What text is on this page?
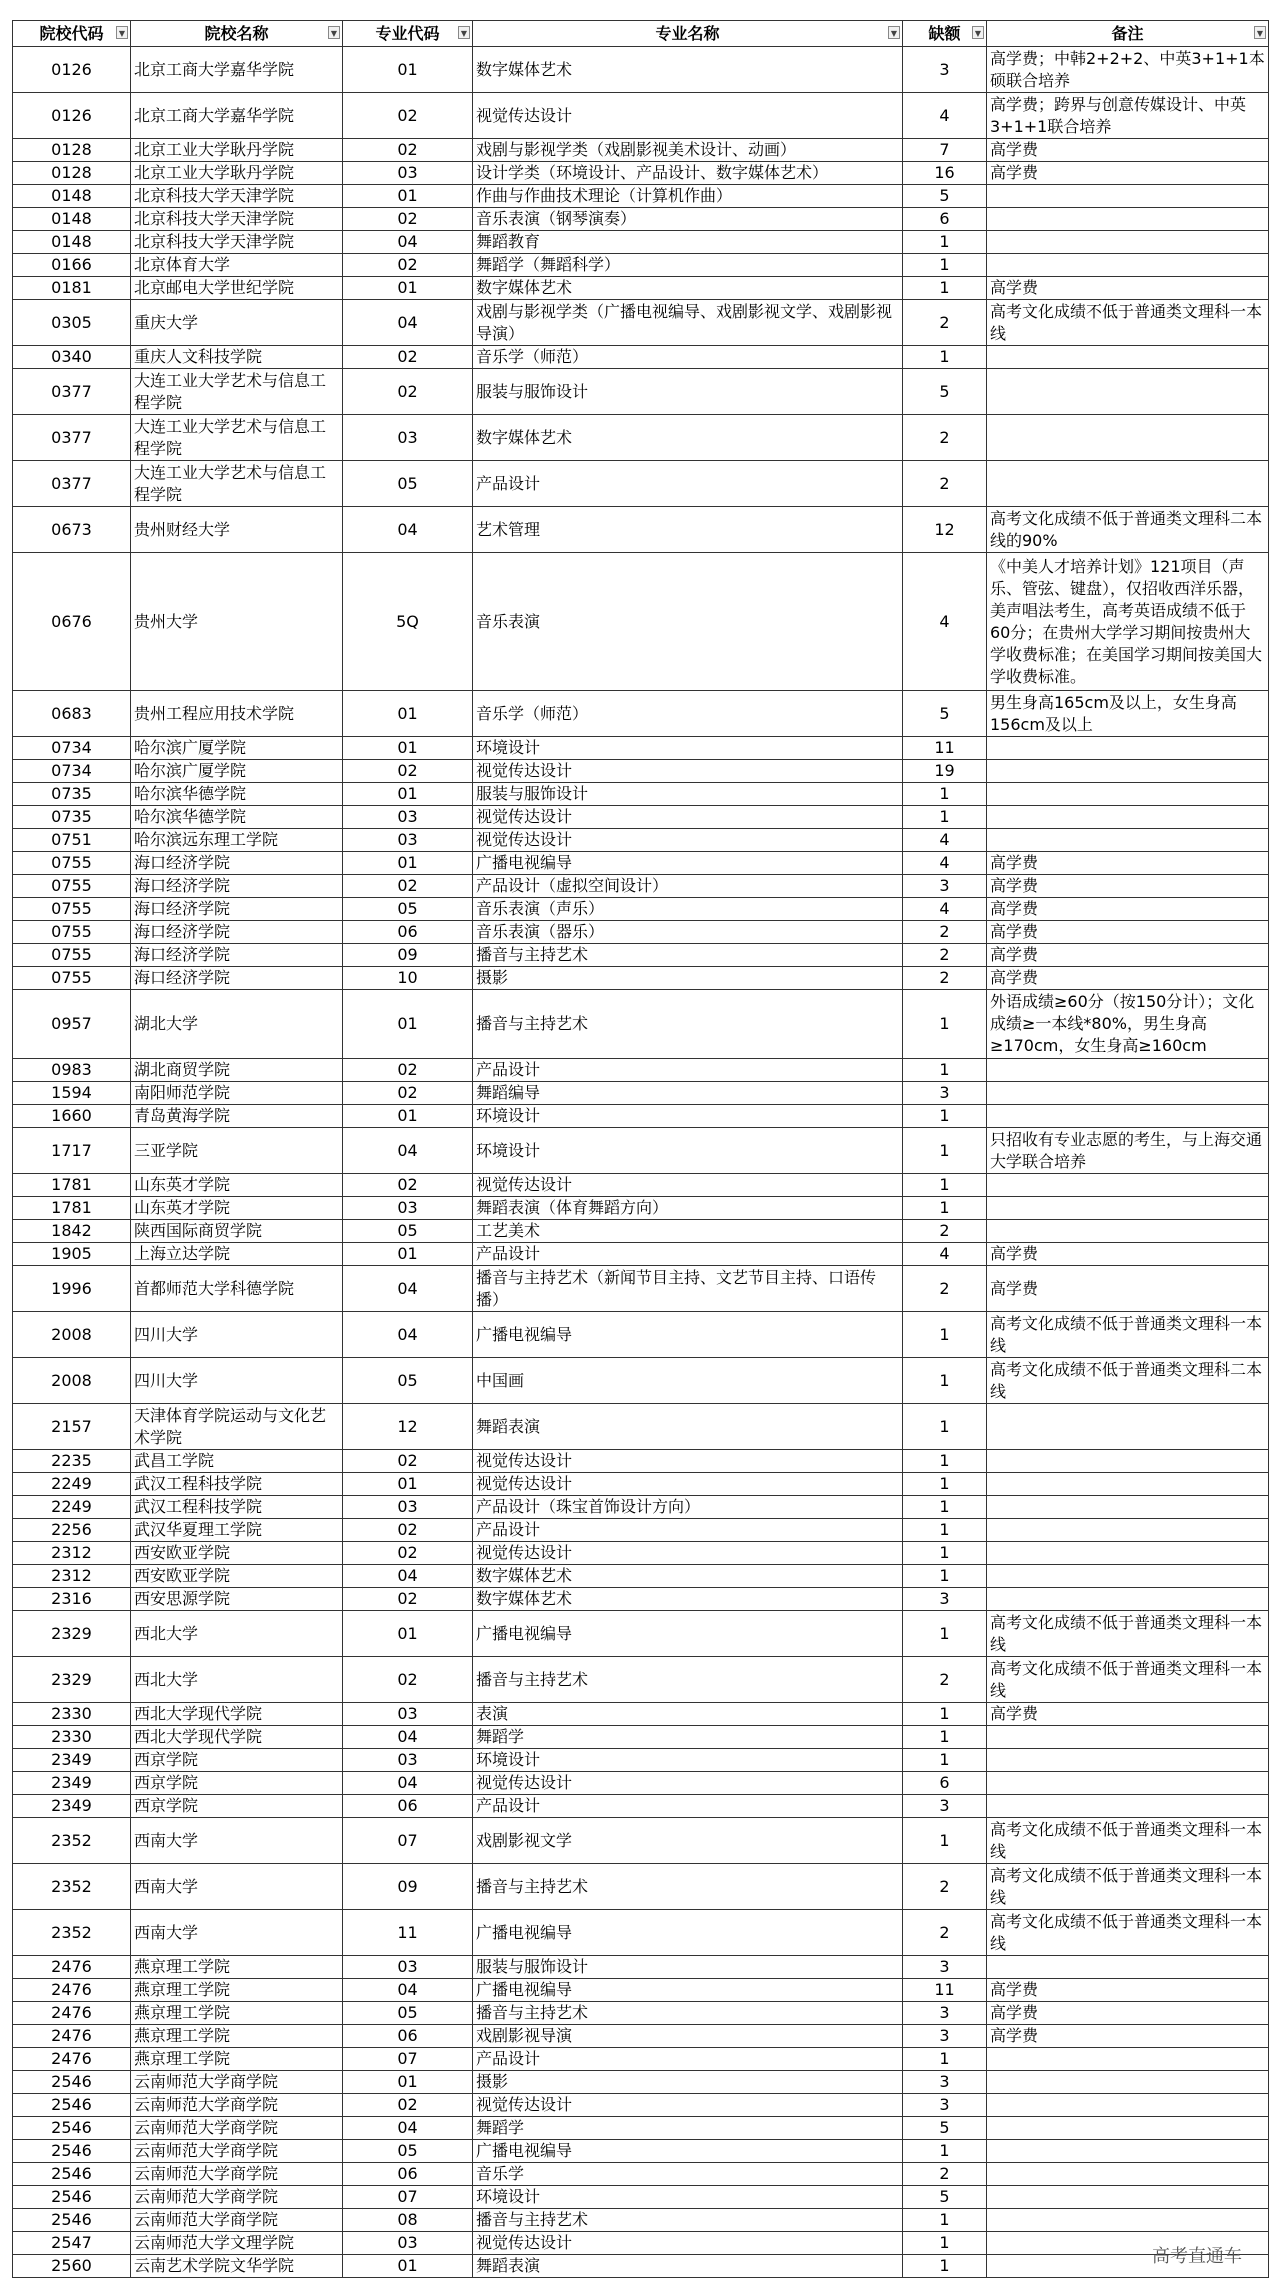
院校代码 ▼	院校名称 ▼	专业代码 ▼	专业名称 ▼	缺额 ▼	备注 ▼

0126	北京工商大学嘉华学院	01	数字媒体艺术	3	高学费；中韩2+2+2、中英3+1+1本硕联合培养
0126	北京工商大学嘉华学院	02	视觉传达设计	4	高学费；跨界与创意传媒设计、中英3+1+1联合培养
0128	北京工业大学耿丹学院	02	戏剧与影视学类（戏剧影视美术设计、动画）	7	高学费
0128	北京工业大学耿丹学院	03	设计学类（环境设计、产品设计、数字媒体艺术）	16	高学费
0148	北京科技大学天津学院	01	作曲与作曲技术理论（计算机作曲）	5	
0148	北京科技大学天津学院	02	音乐表演（钢琴演奏）	6	
0148	北京科技大学天津学院	04	舞蹈教育	1	
0166	北京体育大学	02	舞蹈学（舞蹈科学）	1	
0181	北京邮电大学世纪学院	01	数字媒体艺术	1	高学费
0305	重庆大学	04	戏剧与影视学类（广播电视编导、戏剧影视文学、戏剧影视导演）	2	高考文化成绩不低于普通类文理科一本线
0340	重庆人文科技学院	02	音乐学（师范）	1	
0377	大连工业大学艺术与信息工程学院	02	服装与服饰设计	5	
0377	大连工业大学艺术与信息工程学院	03	数字媒体艺术	2	
0377	大连工业大学艺术与信息工程学院	05	产品设计	2	
0673	贵州财经大学	04	艺术管理	12	高考文化成绩不低于普通类文理科二本线的90%
0676	贵州大学	5Q	音乐表演	4	《中美人才培养计划》121项目（声乐、管弦、键盘），仅招收西洋乐器，美声唱法考生，高考英语成绩不低于60分；在贵州大学学习期间按贵州大学收费标准；在美国学习期间按美国大学收费标准。
0683	贵州工程应用技术学院	01	音乐学（师范）	5	男生身高165cm及以上，女生身高156cm及以上
0734	哈尔滨广厦学院	01	环境设计	11	
0734	哈尔滨广厦学院	02	视觉传达设计	19	
0735	哈尔滨华德学院	01	服装与服饰设计	1	
0735	哈尔滨华德学院	03	视觉传达设计	1	
0751	哈尔滨远东理工学院	03	视觉传达设计	4	
0755	海口经济学院	01	广播电视编导	4	高学费
0755	海口经济学院	02	产品设计（虚拟空间设计）	3	高学费
0755	海口经济学院	05	音乐表演（声乐）	4	高学费
0755	海口经济学院	06	音乐表演（器乐）	2	高学费
0755	海口经济学院	09	播音与主持艺术	2	高学费
0755	海口经济学院	10	摄影	2	高学费
0957	湖北大学	01	播音与主持艺术	1	外语成绩≥60分（按150分计）；文化成绩≥一本线*80%，男生身高≥170cm，女生身高≥160cm
0983	湖北商贸学院	02	产品设计	1	
1594	南阳师范学院	02	舞蹈编导	3	
1660	青岛黄海学院	01	环境设计	1	
1717	三亚学院	04	环境设计	1	只招收有专业志愿的考生，与上海交通大学联合培养
1781	山东英才学院	02	视觉传达设计	1	
1781	山东英才学院	03	舞蹈表演（体育舞蹈方向）	1	
1842	陕西国际商贸学院	05	工艺美术	2	
1905	上海立达学院	01	产品设计	4	高学费
1996	首都师范大学科德学院	04	播音与主持艺术（新闻节目主持、文艺节目主持、口语传播）	2	高学费
2008	四川大学	04	广播电视编导	1	高考文化成绩不低于普通类文理科一本线
2008	四川大学	05	中国画	1	高考文化成绩不低于普通类文理科二本线
2157	天津体育学院运动与文化艺术学院	12	舞蹈表演	1	
2235	武昌工学院	02	视觉传达设计	1	
2249	武汉工程科技学院	01	视觉传达设计	1	
2249	武汉工程科技学院	03	产品设计（珠宝首饰设计方向）	1	
2256	武汉华夏理工学院	02	产品设计	1	
2312	西安欧亚学院	02	视觉传达设计	1	
2312	西安欧亚学院	04	数字媒体艺术	1	
2316	西安思源学院	02	数字媒体艺术	3	
2329	西北大学	01	广播电视编导	1	高考文化成绩不低于普通类文理科一本线
2329	西北大学	02	播音与主持艺术	2	高考文化成绩不低于普通类文理科一本线
2330	西北大学现代学院	03	表演	1	高学费
2330	西北大学现代学院	04	舞蹈学	1	
2349	西京学院	03	环境设计	1	
2349	西京学院	04	视觉传达设计	6	
2349	西京学院	06	产品设计	3	
2352	西南大学	07	戏剧影视文学	1	高考文化成绩不低于普通类文理科一本线
2352	西南大学	09	播音与主持艺术	2	高考文化成绩不低于普通类文理科一本线
2352	西南大学	11	广播电视编导	2	高考文化成绩不低于普通类文理科一本线
2476	燕京理工学院	03	服装与服饰设计	3	
2476	燕京理工学院	04	广播电视编导	11	高学费
2476	燕京理工学院	05	播音与主持艺术	3	高学费
2476	燕京理工学院	06	戏剧影视导演	3	高学费
2476	燕京理工学院	07	产品设计	1	
2546	云南师范大学商学院	01	摄影	3	
2546	云南师范大学商学院	02	视觉传达设计	3	
2546	云南师范大学商学院	04	舞蹈学	5	
2546	云南师范大学商学院	05	广播电视编导	1	
2546	云南师范大学商学院	06	音乐学	2	
2546	云南师范大学商学院	07	环境设计	5	
2546	云南师范大学商学院	08	播音与主持艺术	1	
2547	云南师范大学文理学院	03	视觉传达设计	1	
2560	云南艺术学院文华学院	01	舞蹈表演	1		高考直通车
